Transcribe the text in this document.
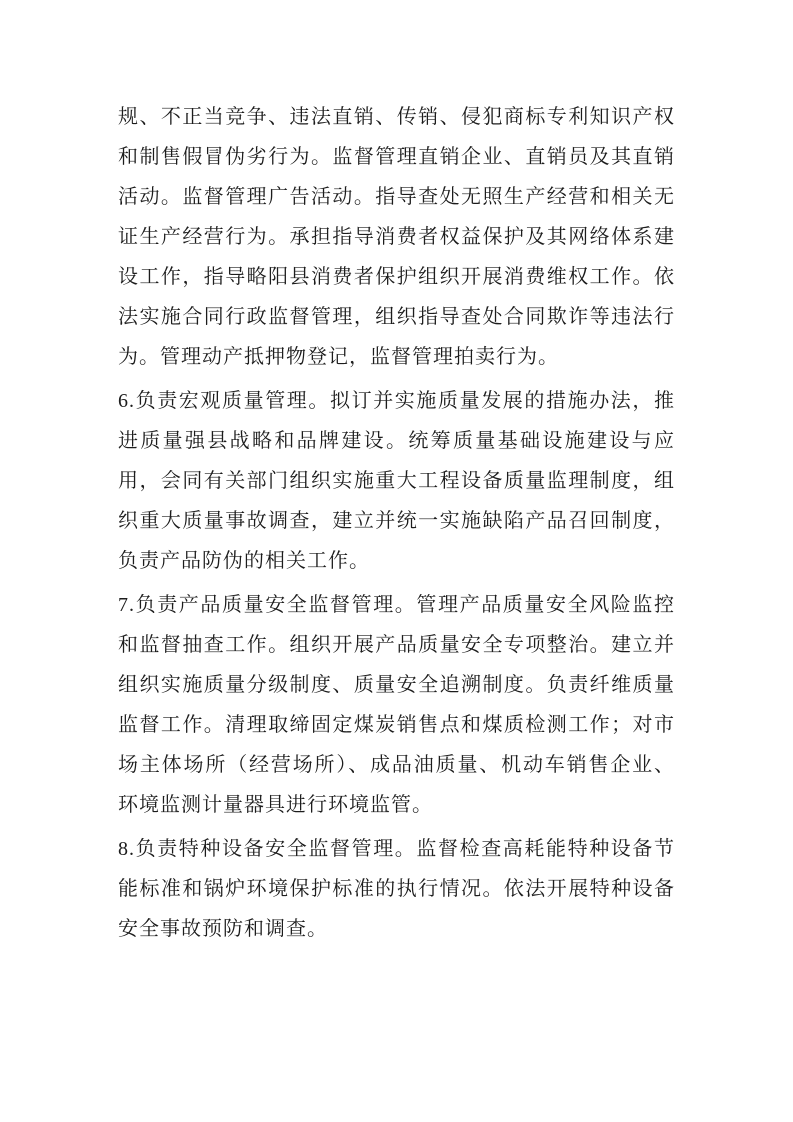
规、不正当竞争、违法直销、传销、侵犯商标专利知识产权
和制售假冒伪劣行为。监督管理直销企业、直销员及其直销
活动。监督管理广告活动。指导查处无照生产经营和相关无
证生产经营行为。承担指导消费者权益保护及其网络体系建
设工作，指导略阳县消费者保护组织开展消费维权工作。依
法实施合同行政监督管理，组织指导查处合同欺诈等违法行
为。管理动产抵押物登记，监督管理拍卖行为。
6.负责宏观质量管理。拟订并实施质量发展的措施办法，推
进质量强县战略和品牌建设。统筹质量基础设施建设与应
用，会同有关部门组织实施重大工程设备质量监理制度，组
织重大质量事故调查，建立并统一实施缺陷产品召回制度，
负责产品防伪的相关工作。
7.负责产品质量安全监督管理。管理产品质量安全风险监控
和监督抽查工作。组织开展产品质量安全专项整治。建立并
组织实施质量分级制度、质量安全追溯制度。负责纤维质量
监督工作。清理取缔固定煤炭销售点和煤质检测工作；对市
场主体场所（经营场所）、成品油质量、机动车销售企业、
环境监测计量器具进行环境监管。
8.负责特种设备安全监督管理。监督检查高耗能特种设备节
能标准和锅炉环境保护标准的执行情况。依法开展特种设备
安全事故预防和调查。
